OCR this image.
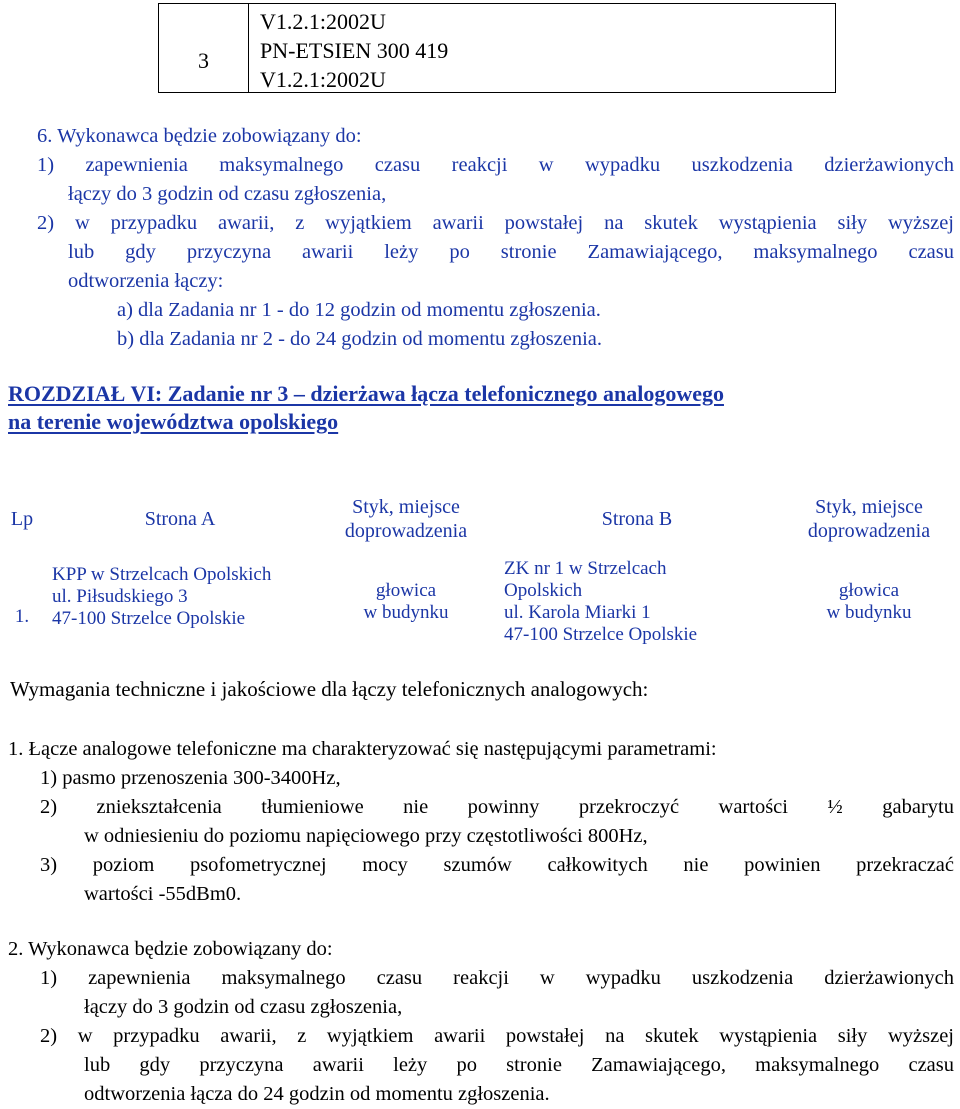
3
V1.2.1:2002U
PN-ETSIEN 300 419
V1.2.1:2002U
6. Wykonawca będzie zobowiązany do:
1) zapewnienia maksymalnego czasu reakcji w wypadku uszkodzenia dzierżawionych
łączy do 3 godzin od czasu zgłoszenia,
2) w przypadku awarii, z wyjątkiem awarii powstałej na skutek wystąpienia siły wyższej
lub gdy przyczyna awarii leży po stronie Zamawiającego, maksymalnego czasu
odtworzenia łączy:
a) dla Zadania nr 1 - do 12 godzin od momentu zgłoszenia.
b) dla Zadania nr 2 - do 24 godzin od momentu zgłoszenia.
ROZDZIAŁ VI: Zadanie nr 3 – dzierżawa łącza telefonicznego analogowego
na terenie województwa opolskiego
Lp	Strona A
Styk, miejsce
doprowadzenia
Strona B
Styk, miejsce
doprowadzenia
1.
KPP w Strzelcach Opolskich
ul. Piłsudskiego 3
47-100 Strzelce Opolskie
głowica
w budynku
ZK nr 1 w Strzelcach
Opolskich
ul. Karola Miarki 1
47-100 Strzelce Opolskie
głowica
w budynku
Wymagania techniczne i jakościowe dla łączy telefonicznych analogowych:
1. Łącze analogowe telefoniczne ma charakteryzować się następującymi parametrami:
1) pasmo przenoszenia 300-3400Hz,
2) zniekształcenia tłumieniowe nie powinny przekroczyć wartości ½ gabarytu
w odniesieniu do poziomu napięciowego przy częstotliwości 800Hz,
3) poziom psofometrycznej mocy szumów całkowitych nie powinien przekraczać
wartości -55dBm0.
2. Wykonawca będzie zobowiązany do:
1) zapewnienia maksymalnego czasu reakcji w wypadku uszkodzenia dzierżawionych
łączy do 3 godzin od czasu zgłoszenia,
2) w przypadku awarii, z wyjątkiem awarii powstałej na skutek wystąpienia siły wyższej
lub gdy przyczyna awarii leży po stronie Zamawiającego, maksymalnego czasu
odtworzenia łącza do 24 godzin od momentu zgłoszenia.
